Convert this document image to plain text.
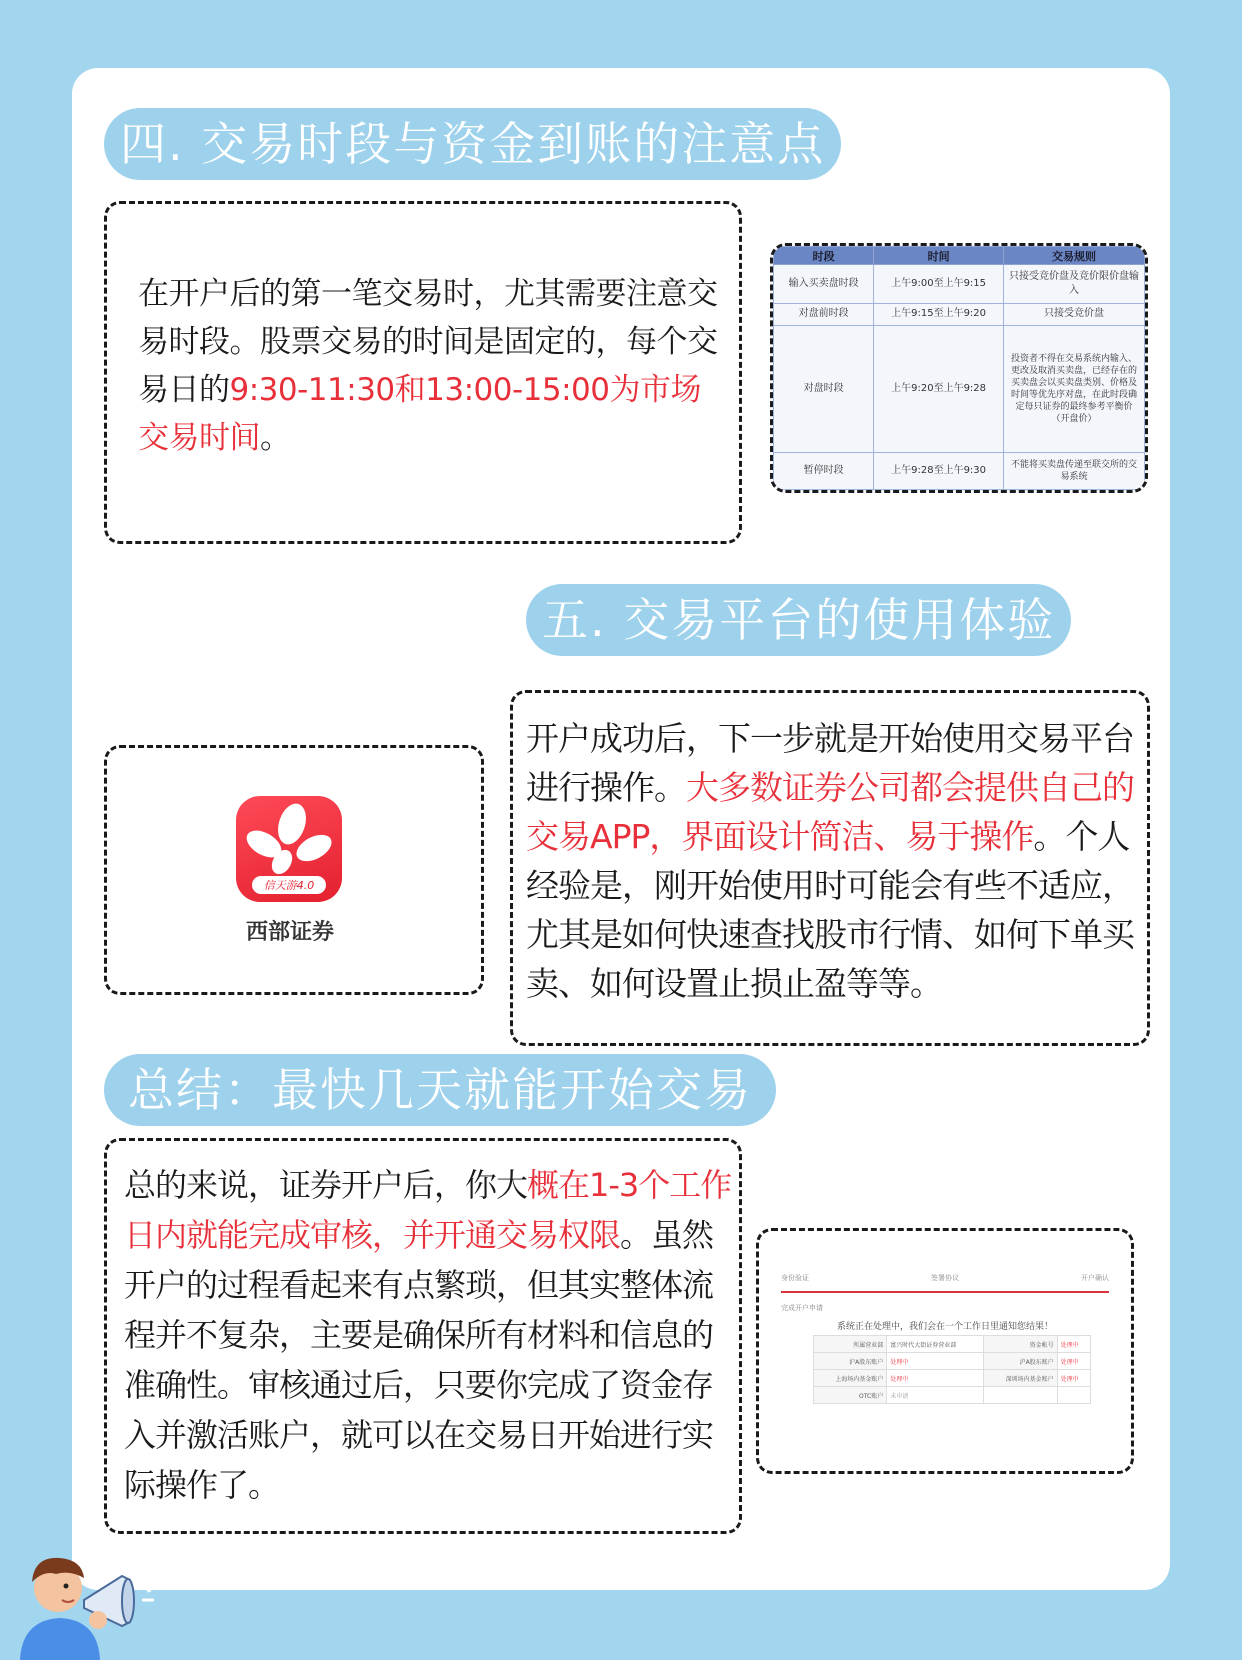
四. 交易时段与资金到账的注意点
在开户后的第一笔交易时，尤其需要注意交易时段。股票交易的时间是固定的，每个交易日的9:30-11:30和13:00-15:00为市场交易时间。
时段	时间	交易规则
输入买卖盘时段	上午9:00至上午9:15	只接受竞价盘及竞价限价盘输入
对盘前时段	上午9:15至上午9:20	只接受竞价盘
对盘时段	上午9:20至上午9:28	投资者不得在交易系统内输入、更改及取消买卖盘，已经存在的买卖盘会以买卖盘类别、价格及时间等优先序对盘，在此时段确定每只证券的最终参考平衡价（开盘价）
暂停时段	上午9:28至上午9:30	不能将买卖盘传递至联交所的交易系统
五. 交易平台的使用体验
信天游4.0
西部证券
开户成功后，下一步就是开始使用交易平台进行操作。大多数证券公司都会提供自己的交易APP，界面设计简洁、易于操作。个人经验是，刚开始使用时可能会有些不适应，尤其是如何快速查找股市行情、如何下单买卖、如何设置止损止盈等等。
总结：最快几天就能开始交易
总的来说，证券开户后，你大概在1-3个工作日内就能完成审核，并开通交易权限。虽然开户的过程看起来有点繁琐，但其实整体流程并不复杂，主要是确保所有材料和信息的准确性。审核通过后，只要你完成了资金存入并激活账户，就可以在交易日开始进行实际操作了。
身份验证	签署协议	开户确认
完成开户申请
系统正在处理中，我们会在一个工作日里通知您结果！
所属营业部	富兴时代大街证券营业部	资金帐号	处理中
沪A股东账户	处理中	沪A股东账户	处理中
上海场内基金账户	处理中	深圳场内基金账户	处理中
OTC账户	未申请		
